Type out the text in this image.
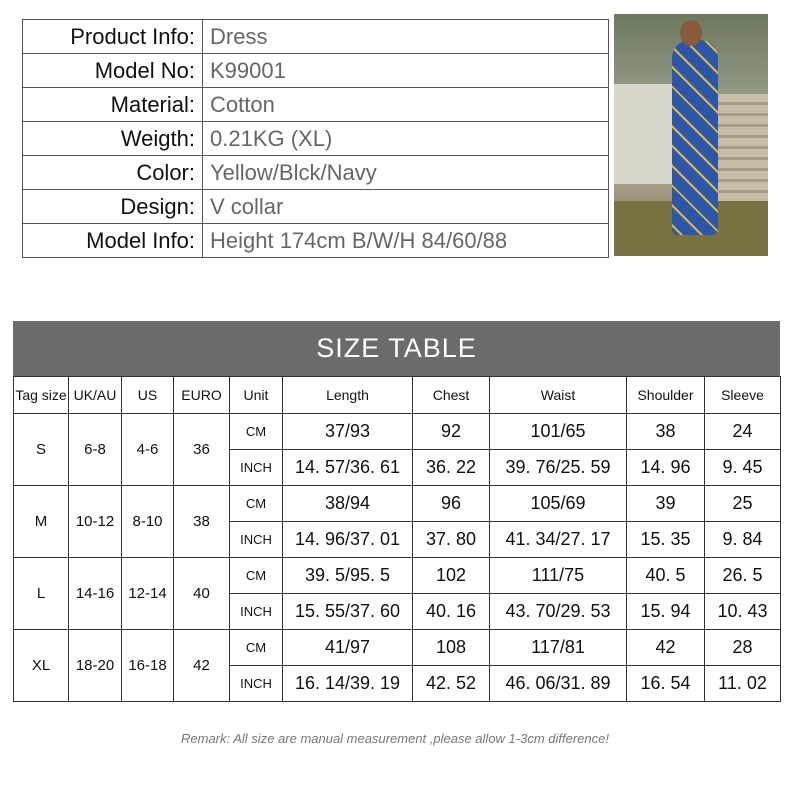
Product Info:	Dress
Model No:	K99001
Material:	Cotton
Weigth:	0.21KG (XL)
Color:	Yellow/Blck/Navy
Design:	V collar
Model Info:	Height 174cm B/W/H 84/60/88
SIZE TABLE
Tag size	UK/AU	US	EURO	Unit	Length	Chest	Waist	Shoulder	Sleeve
S	6-8	4-6	36	CM	37/93	92	101/65	38	24
				INCH	14. 57/36. 61	36. 22	39. 76/25. 59	14. 96	9. 45
M	10-12	8-10	38	CM	38/94	96	105/69	39	25
				INCH	14. 96/37. 01	37. 80	41. 34/27. 17	15. 35	9. 84
L	14-16	12-14	40	CM	39. 5/95. 5	102	111/75	40. 5	26. 5
				INCH	15. 55/37. 60	40. 16	43. 70/29. 53	15. 94	10. 43
XL	18-20	16-18	42	CM	41/97	108	117/81	42	28
				INCH	16. 14/39. 19	42. 52	46. 06/31. 89	16. 54	11. 02
Remark: All size are manual measurement ,please allow 1-3cm difference!
